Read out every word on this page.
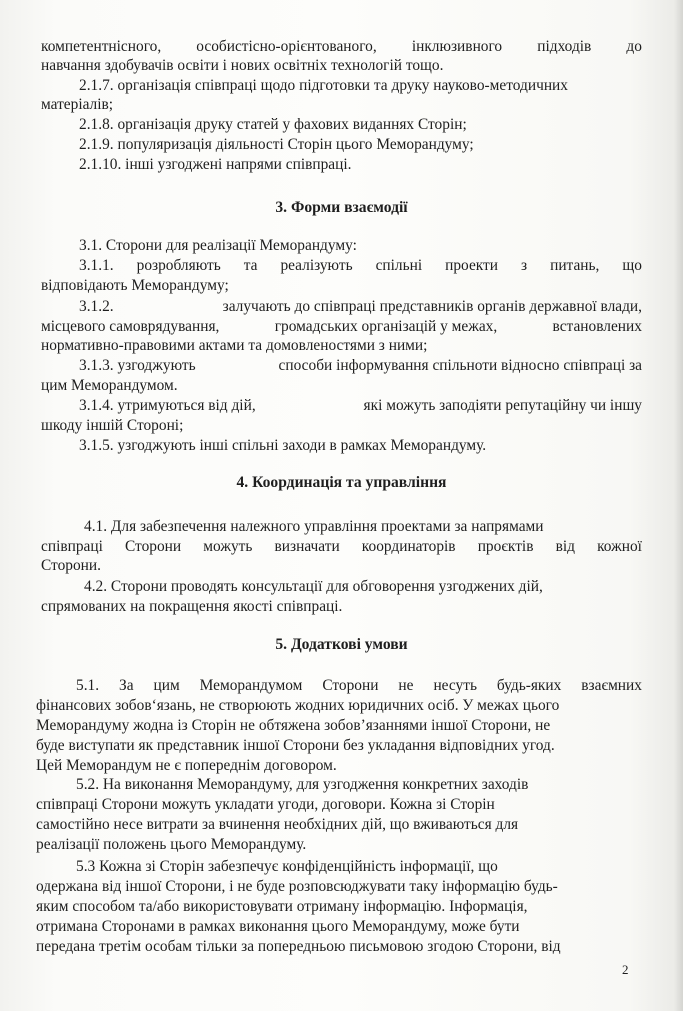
компетентнісного, особистісно-орієнтованого, інклюзивного підходів до

навчання здобувачів освіти і нових освітніх технологій тощо.

2.1.7. організація співпраці щодо підготовки та друку науково-методичних

матеріалів;

2.1.8. організація друку статей у фахових виданнях Сторін;

2.1.9. популяризація діяльності Сторін цього Меморандуму;

2.1.10. інші узгоджені напрями співпраці.

3. Форми взаємодії

3.1. Сторони для реалізації Меморандуму:

3.1.1. розробляють та реалізують спільні проекти з питань, що

відповідають Меморандуму;

3.1.2.	залучають до співпраці представників органів державної влади,
місцевого самоврядування,	громадських організацій у межах,	встановлених

нормативно-правовими актами та домовленостями з ними;

3.1.3. узгоджують	способи інформування спільноти відносно співпраці за

цим Меморандумом.

3.1.4. утримуються від дій,	які можуть заподіяти репутаційну чи іншу

шкоду іншій Стороні;

3.1.5. узгоджують інші спільні заходи в рамках Меморандуму.

4. Координація та управління
4.1. Для забезпечення належного управління проектами за напрямами
співпраці Сторони можуть визначати координаторів проєктів від кожної

Сторони.

4.2. Сторони проводять консультації для обговорення узгоджених дій,

спрямованих на покращення якості співпраці.

5. Додаткові умови
5.1. За цим Меморандумом Сторони не несуть будь-яких взаємних

фінансових зобов‘язань, не створюють жодних юридичних осіб. У межах цього

Меморандуму жодна із Сторін не обтяжена зобов’язаннями іншої Сторони, не

буде виступати як представник іншої Сторони без укладання відповідних угод.

Цей Меморандум не є попереднім договором.

5.2. На виконання Меморандуму, для узгодження конкретних заходів

співпраці Сторони можуть укладати угоди, договори. Кожна зі Сторін

самостійно несе витрати за вчинення необхідних дій, що вживаються для

реалізації положень цього Меморандуму.

5.3 Кожна зі Сторін забезпечує конфіденційність інформації, що

одержана від іншої Сторони, і не буде розповсюджувати таку інформацію будь-

яким способом та/або використовувати отриману інформацію. Інформація,

отримана Сторонами в рамках виконання цього Меморандуму, може бути

передана третім особам тільки за попередньою письмовою згодою Сторони, від

2
